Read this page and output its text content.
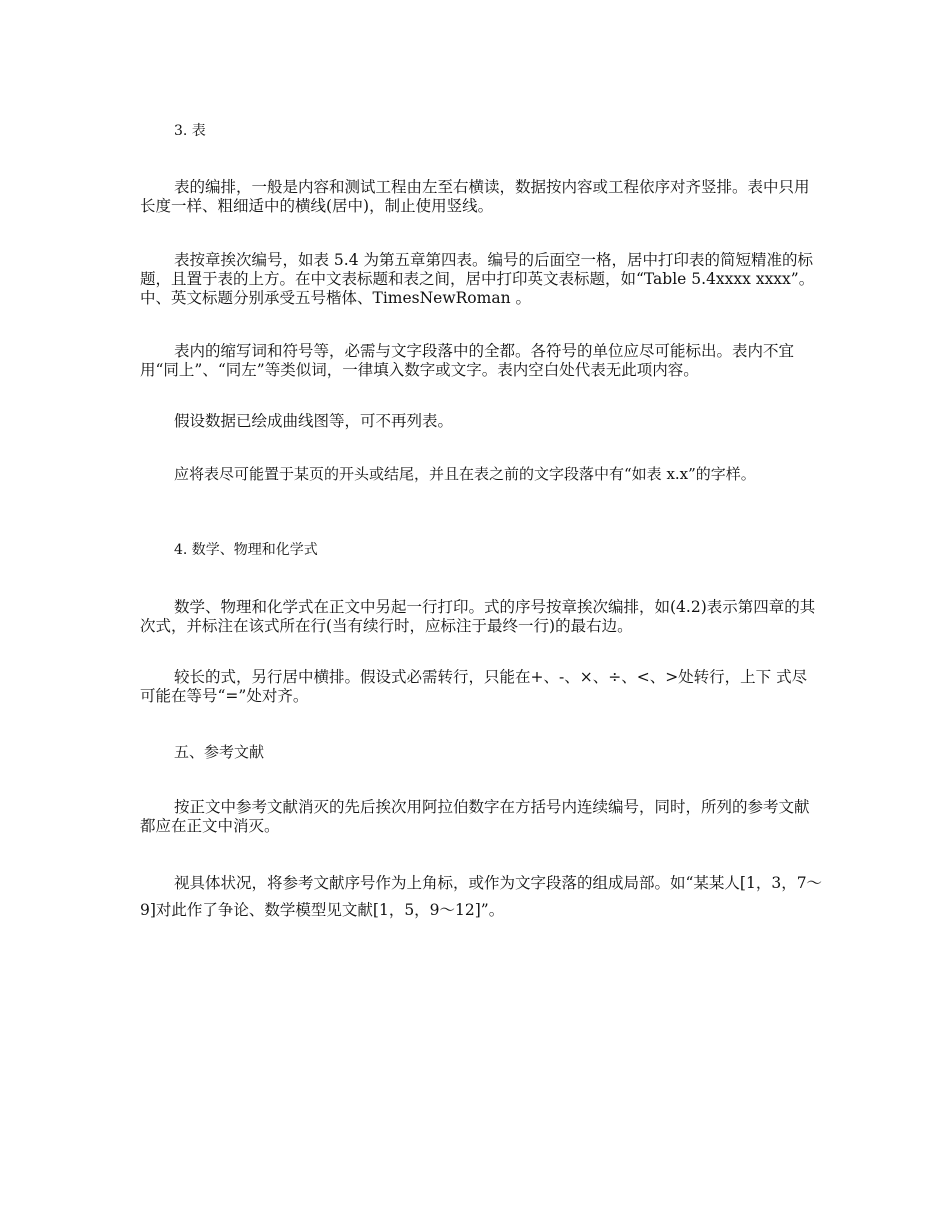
3. 表

表的编排，一般是内容和测试工程由左至右横读，数据按内容或工程依序对齐竖排。表中只用长度一样、粗细适中的横线(居中)，制止使用竖线。

表按章挨次编号，如表 5.4 为第五章第四表。编号的后面空一格，居中打印表的简短精准的标题，且置于表的上方。在中文表标题和表之间，居中打印英文表标题，如“Table 5.4xxxx xxxx”。中、英文标题分别承受五号楷体、TimesNewRoman 。

表内的缩写词和符号等，必需与文字段落中的全都。各符号的单位应尽可能标出。表内不宜用“同上”、“同左”等类似词，一律填入数字或文字。表内空白处代表无此项内容。

假设数据已绘成曲线图等，可不再列表。

应将表尽可能置于某页的开头或结尾，并且在表之前的文字段落中有“如表 x.x”的字样。

4. 数学、物理和化学式

数学、物理和化学式在正文中另起一行打印。式的序号按章挨次编排，如(4.2)表示第四章的其次式，并标注在该式所在行(当有续行时，应标注于最终一行)的最右边。

较长的式，另行居中横排。假设式必需转行，只能在+、-、×、÷、<、>处转行，上下 式尽可能在等号“=”处对齐。

五、参考文献

按正文中参考文献消灭的先后挨次用阿拉伯数字在方括号内连续编号，同时，所列的参考文献都应在正文中消灭。

视具体状况，将参考文献序号作为上角标，或作为文字段落的组成局部。如“某某人[1，3，7～9]对此作了争论、数学模型见文献[1，5，9～12]”。
